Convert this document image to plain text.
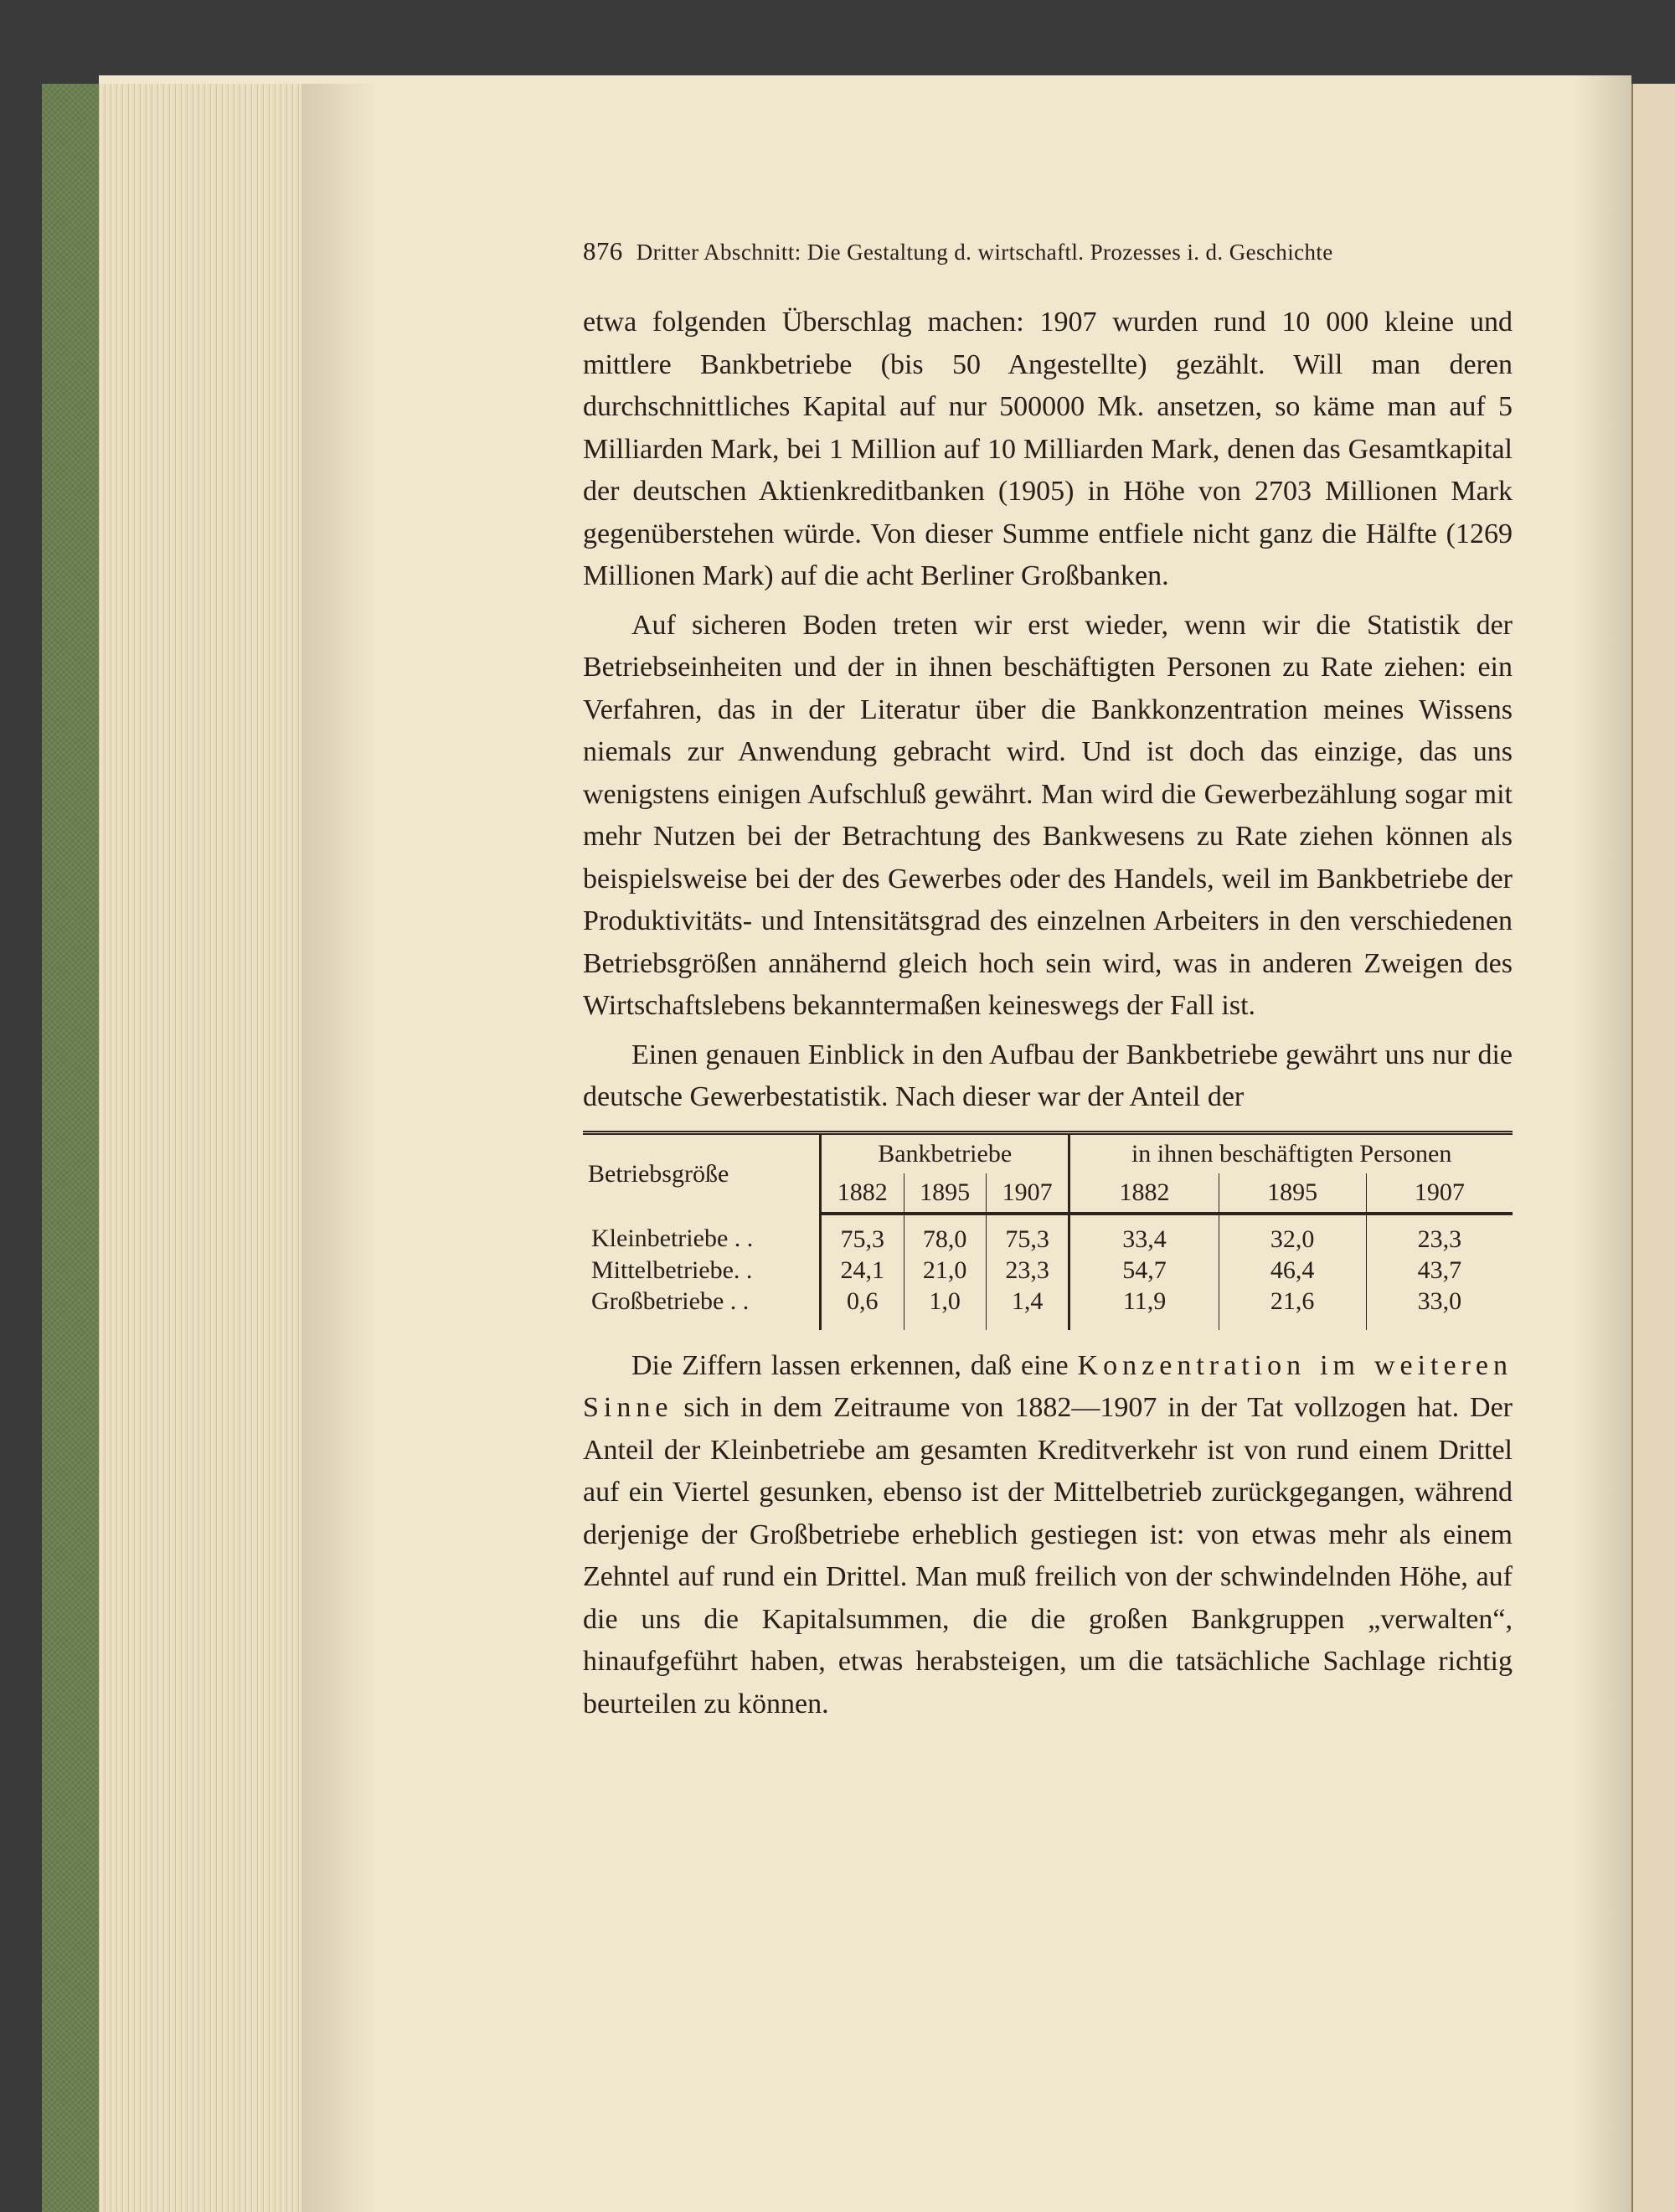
876 Dritter Abschnitt: Die Gestaltung d. wirtschaftl. Prozesses i. d. Geschichte

etwa folgenden Überschlag machen: 1907 wurden rund 10 000 kleine und mittlere Bankbetriebe (bis 50 Angestellte) gezählt. Will man deren durchschnittliches Kapital auf nur 500000 Mk. ansetzen, so käme man auf 5 Milliarden Mark, bei 1 Million auf 10 Milliarden Mark, denen das Gesamtkapital der deutschen Aktienkreditbanken (1905) in Höhe von 2703 Millionen Mark gegenüberstehen würde. Von dieser Summe entfiele nicht ganz die Hälfte (1269 Millionen Mark) auf die acht Berliner Großbanken.

Auf sicheren Boden treten wir erst wieder, wenn wir die Statistik der Betriebseinheiten und der in ihnen beschäftigten Personen zu Rate ziehen: ein Verfahren, das in der Literatur über die Bankkonzentration meines Wissens niemals zur Anwendung gebracht wird. Und ist doch das einzige, das uns wenigstens einigen Aufschluß gewährt. Man wird die Gewerbezählung sogar mit mehr Nutzen bei der Betrachtung des Bankwesens zu Rate ziehen können als beispielsweise bei der des Gewerbes oder des Handels, weil im Bankbetriebe der Produktivitäts- und Intensitätsgrad des einzelnen Arbeiters in den verschiedenen Betriebsgrößen annähernd gleich hoch sein wird, was in anderen Zweigen des Wirtschaftslebens bekanntermaßen keineswegs der Fall ist.

Einen genauen Einblick in den Aufbau der Bankbetriebe gewährt uns nur die deutsche Gewerbestatistik. Nach dieser war der Anteil der

Betriebsgröße	Bankbetriebe			in ihnen beschäftigten Personen		
	1882	1895	1907	1882	1895	1907
Kleinbetriebe . .	75,3	78,0	75,3	33,4	32,0	23,3
Mittelbetriebe. .	24,1	21,0	23,3	54,7	46,4	43,7
Großbetriebe . .	0,6	1,0	1,4	11,9	21,6	33,0

Die Ziffern lassen erkennen, daß eine Konzentration im weiteren Sinne sich in dem Zeitraume von 1882—1907 in der Tat vollzogen hat. Der Anteil der Kleinbetriebe am gesamten Kreditverkehr ist von rund einem Drittel auf ein Viertel gesunken, ebenso ist der Mittelbetrieb zurückgegangen, während derjenige der Großbetriebe erheblich gestiegen ist: von etwas mehr als einem Zehntel auf rund ein Drittel. Man muß freilich von der schwindelnden Höhe, auf die uns die Kapitalsummen, die die großen Bankgruppen „verwalten“, hinaufgeführt haben, etwas herabsteigen, um die tatsächliche Sachlage richtig beurteilen zu können.
